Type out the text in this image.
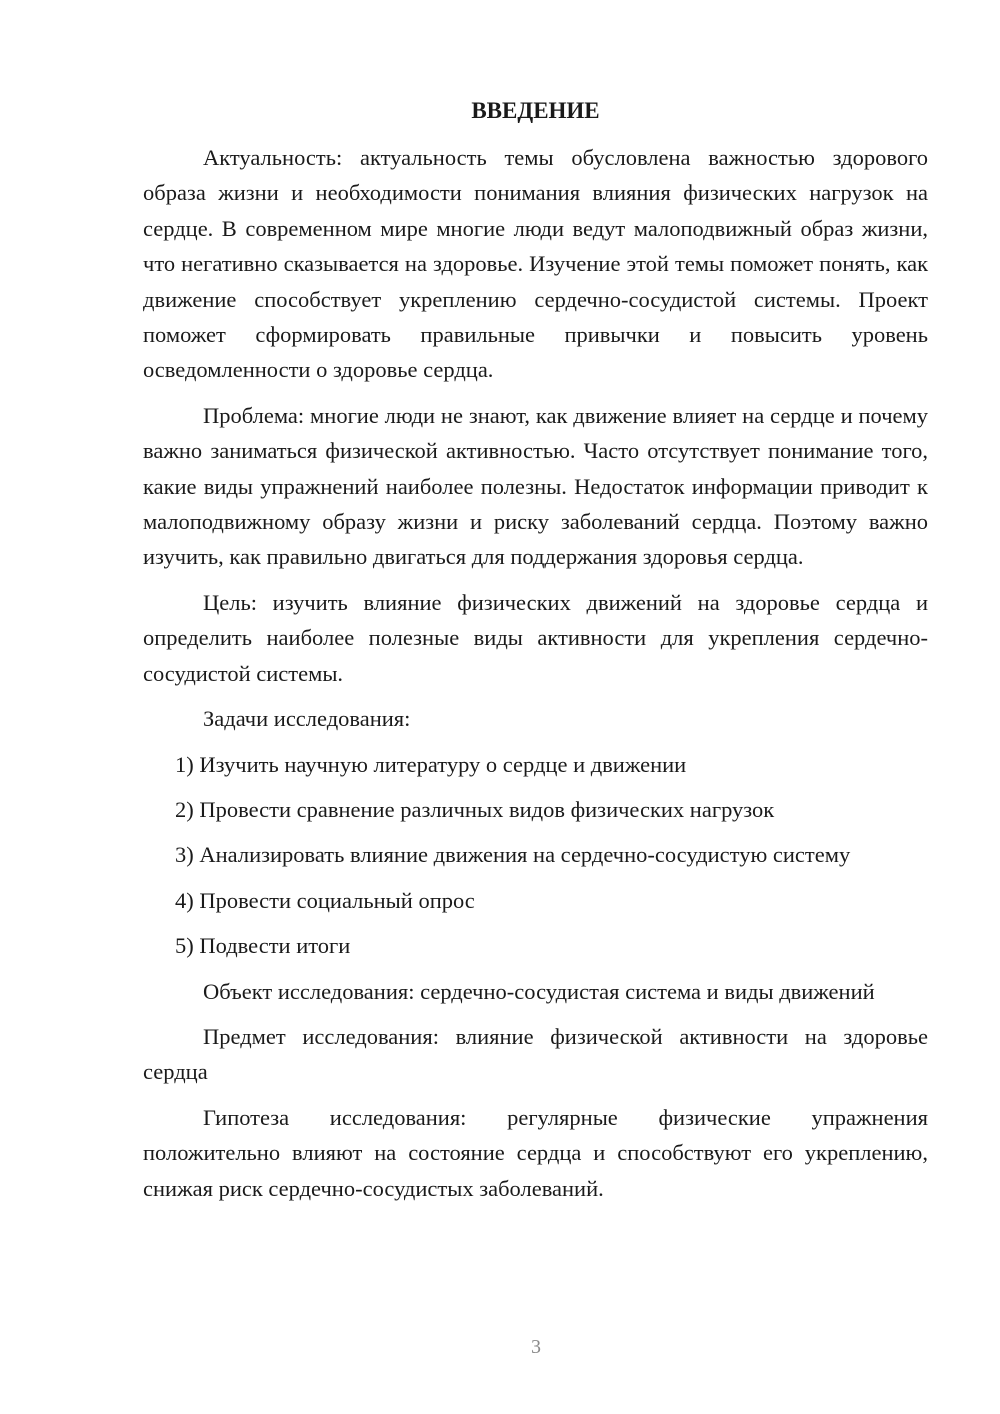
ВВЕДЕНИЕ

Актуальность: актуальность темы обусловлена важностью здорового образа жизни и необходимости понимания влияния физических нагрузок на сердце. В современном мире многие люди ведут малоподвижный образ жизни, что негативно сказывается на здоровье. Изучение этой темы поможет понять, как движение способствует укреплению сердечно-сосудистой системы. Проект поможет сформировать правильные привычки и повысить уровень осведомленности о здоровье сердца.

Проблема: многие люди не знают, как движение влияет на сердце и почему важно заниматься физической активностью. Часто отсутствует понимание того, какие виды упражнений наиболее полезны. Недостаток информации приводит к малоподвижному образу жизни и риску заболеваний сердца. Поэтому важно изучить, как правильно двигаться для поддержания здоровья сердца.

Цель: изучить влияние физических движений на здоровье сердца и определить наиболее полезные виды активности для укрепления сердечно-сосудистой системы.

Задачи исследования:

1) Изучить научную литературу о сердце и движении
2) Провести сравнение различных видов физических нагрузок
3) Анализировать влияние движения на сердечно-сосудистую систему
4) Провести социальный опрос
5) Подвести итоги

Объект исследования: сердечно-сосудистая система и виды движений

Предмет исследования: влияние физической активности на здоровье сердца

Гипотеза исследования: регулярные физические упражнения положительно влияют на состояние сердца и способствуют его укреплению, снижая риск сердечно-сосудистых заболеваний.

3
